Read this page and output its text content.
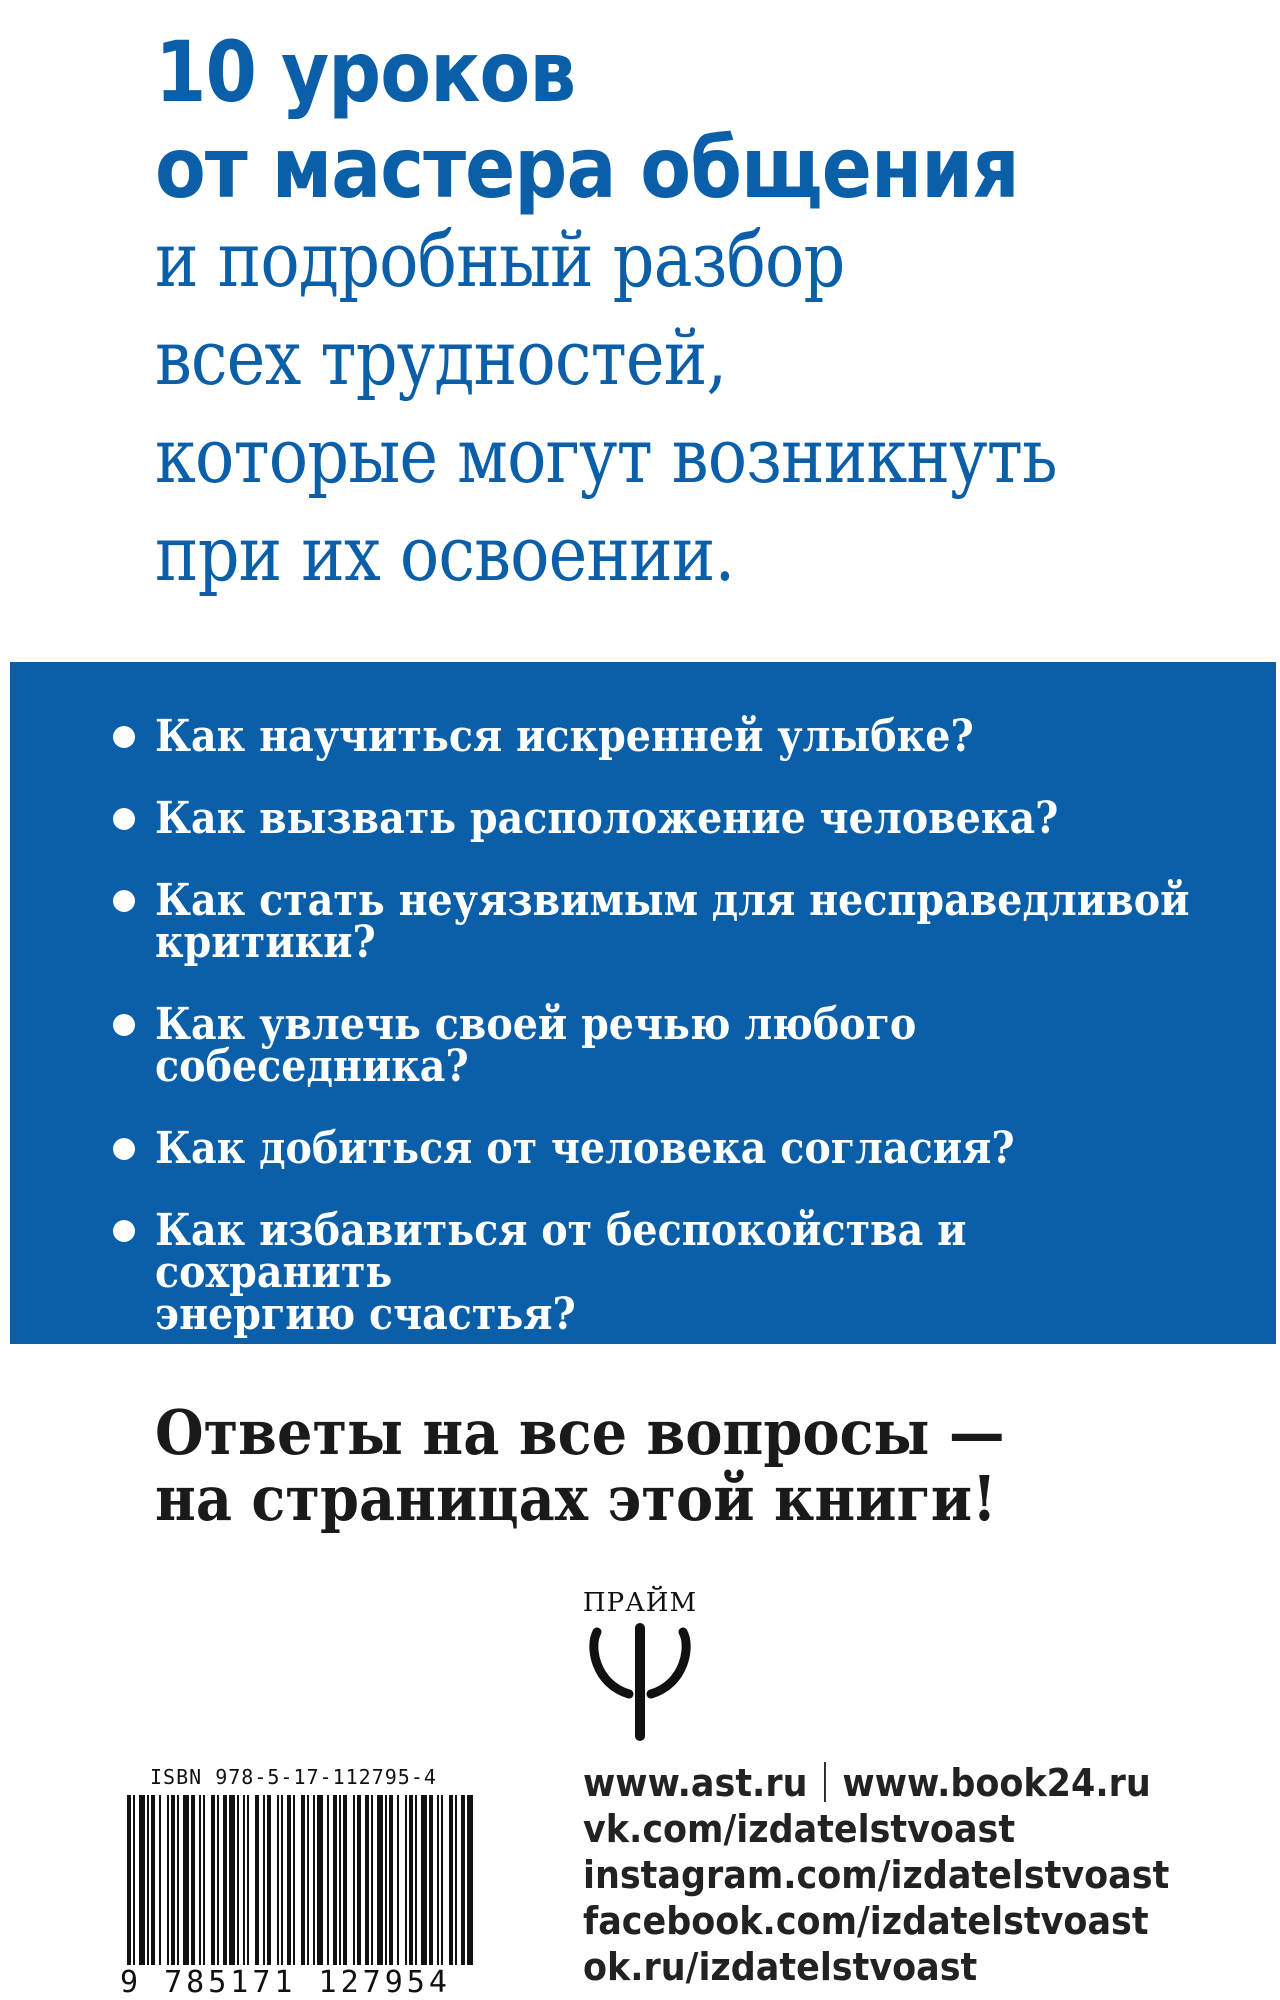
10 уроков
от мастера общения
и подробный разбор
всех трудностей,
которые могут возникнуть
при их освоении.
Как научиться искренней улыбке?
Как вызвать расположение человека?
Как стать неуязвимым для несправедливой
критики?
Как увлечь своей речью любого собеседника?
Как добиться от человека согласия?
Как избавиться от беспокойства и сохранить
энергию счастья?
Ответы на все вопросы —
на страницах этой книги!
ПРАЙМ
ISBN 978-5-17-112795-4
9 785171 127954
www.ast.ru www.book24.ru
vk.com/izdatelstvoast
instagram.com/izdatelstvoast
facebook.com/izdatelstvoast
ok.ru/izdatelstvoast
